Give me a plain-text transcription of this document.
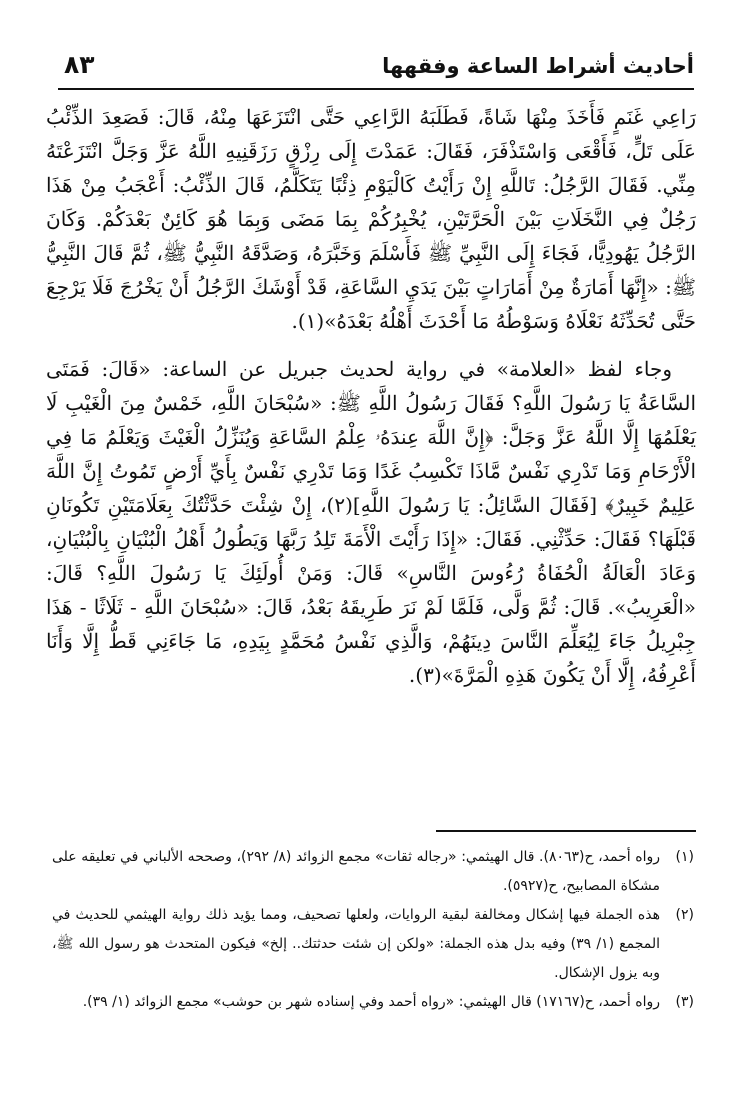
أحاديث أشراط الساعة وفقهها
٨٣

رَاعِي غَنَمٍ فَأَخَذَ مِنْهَا شَاةً، فَطَلَبَهُ الرَّاعِي حَتَّى انْتَزَعَهَا مِنْهُ، قَالَ: فَصَعِدَ الذِّئْبُ عَلَى تَلٍّ، فَأَقْعَى وَاسْتَذْفَرَ، فَقَالَ: عَمَدْتَ إِلَى رِزْقٍ رَزَقَنِيهِ اللَّهُ عَزَّ وَجَلَّ انْتَزَعْتَهُ مِنِّي. فَقَالَ الرَّجُلُ: تَاللَّهِ إِنْ رَأَيْتُ كَالْيَوْمِ ذِئْبًا يَتَكَلَّمُ، قَالَ الذِّئْبُ: أَعْجَبُ مِنْ هَذَا رَجُلٌ فِي النَّخَلَاتِ بَيْنَ الْحَرَّتَيْنِ، يُخْبِرُكُمْ بِمَا مَضَى وَبِمَا هُوَ كَائِنٌ بَعْدَكُمْ. وَكَانَ الرَّجُلُ يَهُودِيًّا، فَجَاءَ إِلَى النَّبِيِّ ﷺ فَأَسْلَمَ وَخَبَّرَهُ، وَصَدَّقَهُ النَّبِيُّ ﷺ، ثُمَّ قَالَ النَّبِيُّ ﷺ: «إِنَّهَا أَمَارَةٌ مِنْ أَمَارَاتٍ بَيْنَ يَدَيِ السَّاعَةِ، قَدْ أَوْشَكَ الرَّجُلُ أَنْ يَخْرُجَ فَلَا يَرْجِعَ حَتَّى تُحَدِّثَهُ نَعْلَاهُ وَسَوْطُهُ مَا أَحْدَثَ أَهْلُهُ بَعْدَهُ»(١).

وجاء لفظ «العلامة» في رواية لحديث جبريل عن الساعة: «قَالَ: فَمَتَى السَّاعَةُ يَا رَسُولَ اللَّهِ؟ فَقَالَ رَسُولُ اللَّهِ ﷺ: «سُبْحَانَ اللَّهِ، خَمْسٌ مِنَ الْغَيْبِ لَا يَعْلَمُهَا إِلَّا اللَّهُ عَزَّ وَجَلَّ: ﴿إِنَّ اللَّهَ عِندَهُۥ عِلْمُ السَّاعَةِ وَيُنَزِّلُ الْغَيْثَ وَيَعْلَمُ مَا فِي الْأَرْحَامِ وَمَا تَدْرِي نَفْسٌ مَّاذَا تَكْسِبُ غَدًا وَمَا تَدْرِي نَفْسٌ بِأَيِّ أَرْضٍ تَمُوتُ إِنَّ اللَّهَ عَلِيمٌ خَبِيرٌ﴾ [فَقَالَ السَّائِلُ: يَا رَسُولَ اللَّهِ](٢)، إِنْ شِئْتَ حَدَّثْتُكَ بِعَلَامَتَيْنِ تَكُونَانِ قَبْلَهَا؟ فَقَالَ: حَدِّثْنِي. فَقَالَ: «إِذَا رَأَيْتَ الْأَمَةَ تَلِدُ رَبَّهَا وَيَطُولُ أَهْلُ الْبُنْيَانِ بِالْبُنْيَانِ، وَعَادَ الْعَالَةُ الْحُفَاةُ رُءُوسَ النَّاسِ» قَالَ: وَمَنْ أُولَئِكَ يَا رَسُولَ اللَّهِ؟ قَالَ: «الْعَرِيبُ». قَالَ: ثُمَّ وَلَّى، فَلَمَّا لَمْ نَرَ طَرِيقَهُ بَعْدُ، قَالَ: «سُبْحَانَ اللَّهِ - ثَلَاثًا - هَذَا جِبْرِيلُ جَاءَ لِيُعَلِّمَ النَّاسَ دِينَهُمْ، وَالَّذِي نَفْسُ مُحَمَّدٍ بِيَدِهِ، مَا جَاءَنِي قَطُّ إِلَّا وَأَنَا أَعْرِفُهُ، إِلَّا أَنْ يَكُونَ هَذِهِ الْمَرَّةَ»(٣).

(١)
رواه أحمد، ح(٨٠٦٣). قال الهيثمي: «رجاله ثقات» مجمع الزوائد (٨/ ٢٩٢)، وصححه الألباني في تعليقه على مشكاة المصابيح، ح(٥٩٢٧).
(٢)
هذه الجملة فيها إشكال ومخالفة لبقية الروايات، ولعلها تصحيف، ومما يؤيد ذلك رواية الهيثمي للحديث في المجمع (١/ ٣٩) وفيه بدل هذه الجملة: «ولكن إن شئت حدثتك.. إلخ» فيكون المتحدث هو رسول الله ﷺ، وبه يزول الإشكال.
(٣)
رواه أحمد، ح(١٧١٦٧) قال الهيثمي: «رواه أحمد وفي إسناده شهر بن حوشب» مجمع الزوائد (١/ ٣٩).
